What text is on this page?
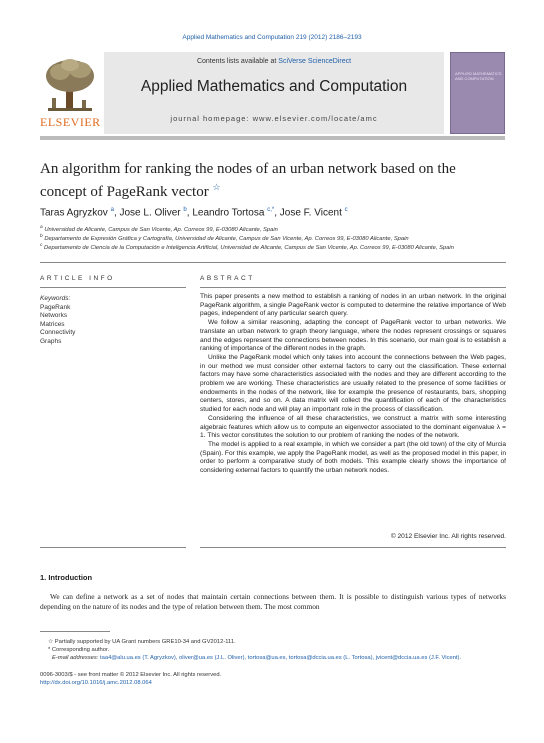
Applied Mathematics and Computation 219 (2012) 2186–2193
ELSEVIER
Contents lists available at SciVerse ScienceDirect
Applied Mathematics and Computation
journal homepage: www.elsevier.com/locate/amc
APPLIED MATHEMATICS AND COMPUTATION
An algorithm for ranking the nodes of an urban network based on the concept of PageRank vector ☆
Taras Agryzkov $^a$, Jose L. Oliver $^b$, Leandro Tortosa $^{c,*}$, Jose F. Vicent $^c$
$^a$ Universidad de Alicante, Campus de San Vicente, Ap. Correos 99, E-03080 Alicante, Spain
$^b$ Departamento de Expresión Gráfica y Cartografía, Universidad de Alicante, Campus de San Vicente, Ap. Correos 99, E-03080 Alicante, Spain
$^c$ Departamento de Ciencia de la Computación e Inteligencia Artificial, Universidad de Alicante, Campus de San Vicente, Ap. Correos 99, E-03080 Alicante, Spain
ARTICLE INFO	ABSTRACT
Keywords:
PageRank
Networks
Matrices
Connectivity
Graphs

This paper presents a new method to establish a ranking of nodes in an urban network. In the original PageRank algorithm, a single PageRank vector is computed to determine the relative importance of Web pages, independent of any particular search query.

We follow a similar reasoning, adapting the concept of PageRank vector to urban networks. We translate an urban network to graph theory language, where the nodes represent crossings or squares and the edges represent the connections between nodes. In this scenario, our main goal is to establish a ranking of importance of the different nodes in the graph.

Unlike the PageRank model which only takes into account the connections between the Web pages, in our method we must consider other external factors to carry out the classification. These external factors may have some characteristics associated with the nodes and they are different according to the problem we are working. These characteristics are usually related to the presence of some facilities or endowments in the nodes of the network, like for example the presence of restaurants, bars, shopping centers, stores, and so on. A data matrix will collect the quantification of each of the characteristics studied for each node and will play an important role in the process of classification.

Considering the influence of all these characteristics, we construct a matrix with some interesting algebraic features which allow us to compute an eigenvector associated to the dominant eigenvalue λ = 1. This vector constitutes the solution to our problem of ranking the nodes of the network.

The model is applied to a real example, in which we consider a part (the old town) of the city of Murcia (Spain). For this example, we apply the PageRank model, as well as the proposed model in this paper, in order to perform a comparative study of both models. This example clearly shows the importance of considering external factors to quantify the urban network nodes.

© 2012 Elsevier Inc. All rights reserved.
1. Introduction
We can define a network as a set of nodes that maintain certain connections between them. It is possible to distinguish various types of networks depending on the nature of its nodes and the type of relation between them. The most common
☆ Partially supported by UA Grant numbers GRE10-34 and GV2012-111.
* Corresponding author.
E-mail addresses: taa4@alu.ua.es (T. Agryzkov), oliver@ua.es (J.L. Oliver), tortosa@ua.es, tortosa@dccia.ua.es (L. Tortosa), jvicent@dccia.ua.es (J.F. Vicent).
0096-3003/$ - see front matter © 2012 Elsevier Inc. All rights reserved.
http://dx.doi.org/10.1016/j.amc.2012.08.064
